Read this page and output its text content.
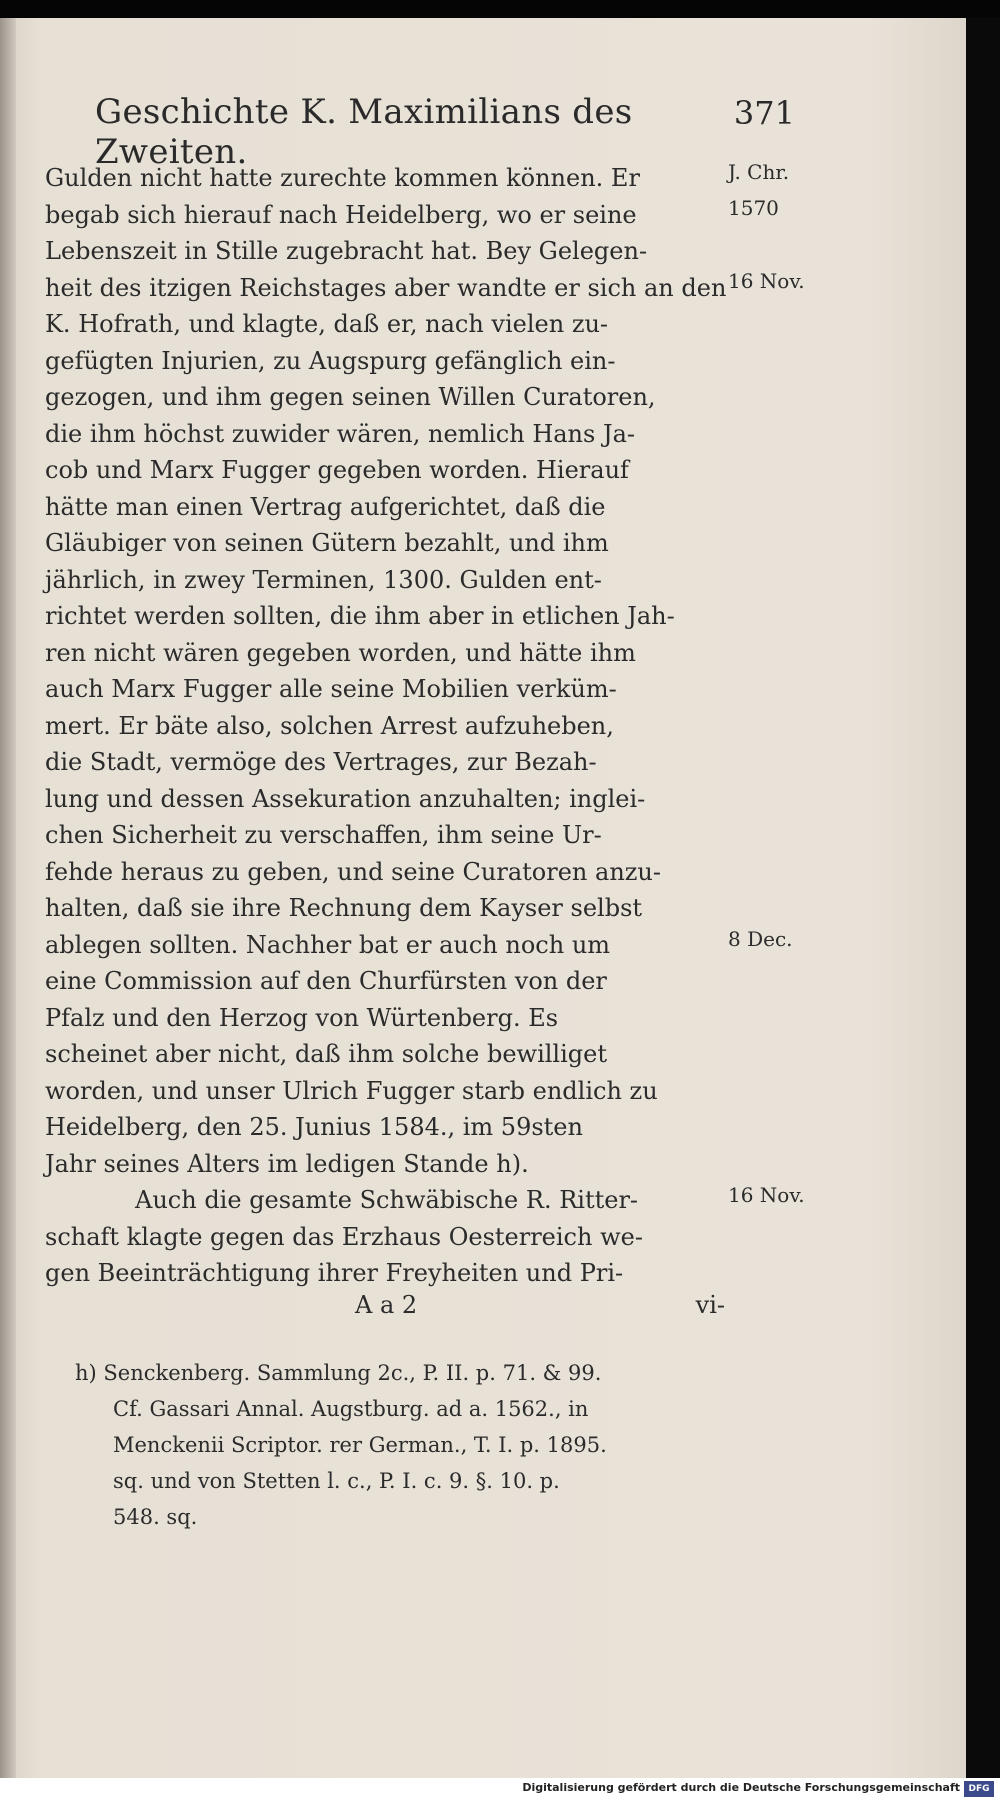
Geschichte K. Maximilians des Zweiten.
371
Gulden nicht hatte zurechte kommen können. Er
begab sich hierauf nach Heidelberg, wo er seine
Lebenszeit in Stille zugebracht hat. Bey Gelegen-
heit des itzigen Reichstages aber wandte er sich an den
K. Hofrath, und klagte, daß er, nach vielen zu-
gefügten Injurien, zu Augspurg gefänglich ein-
gezogen, und ihm gegen seinen Willen Curatoren,
die ihm höchst zuwider wären, nemlich Hans Ja-
cob und Marx Fugger gegeben worden. Hierauf
hätte man einen Vertrag aufgerichtet, daß die
Gläubiger von seinen Gütern bezahlt, und ihm
jährlich, in zwey Terminen, 1300. Gulden ent-
richtet werden sollten, die ihm aber in etlichen Jah-
ren nicht wären gegeben worden, und hätte ihm
auch Marx Fugger alle seine Mobilien verküm-
mert. Er bäte also, solchen Arrest aufzuheben,
die Stadt, vermöge des Vertrages, zur Bezah-
lung und dessen Assekuration anzuhalten; inglei-
chen Sicherheit zu verschaffen, ihm seine Ur-
fehde heraus zu geben, und seine Curatoren anzu-
halten, daß sie ihre Rechnung dem Kayser selbst
ablegen sollten. Nachher bat er auch noch um
eine Commission auf den Churfürsten von der
Pfalz und den Herzog von Würtenberg. Es
scheinet aber nicht, daß ihm solche bewilliget
worden, und unser Ulrich Fugger starb endlich zu
Heidelberg, den 25. Junius 1584., im 59sten
Jahr seines Alters im ledigen Stande h).
Auch die gesamte Schwäbische R. Ritter-
schaft klagte gegen das Erzhaus Oesterreich we-
gen Beeinträchtigung ihrer Freyheiten und Pri-
J. Chr.
1570
16 Nov.
8 Dec.
16 Nov.
A a 2	vi-
h) Senckenberg. Sammlung 2c., P. II. p. 71. & 99.
Cf. Gassari Annal. Augstburg. ad a. 1562., in
Menckenii Scriptor. rer German., T. I. p. 1895.
sq. und von Stetten l. c., P. I. c. 9. §. 10. p.
548. sq.
Digitalisierung gefördert durch die Deutsche Forschungsgemeinschaft DFG
